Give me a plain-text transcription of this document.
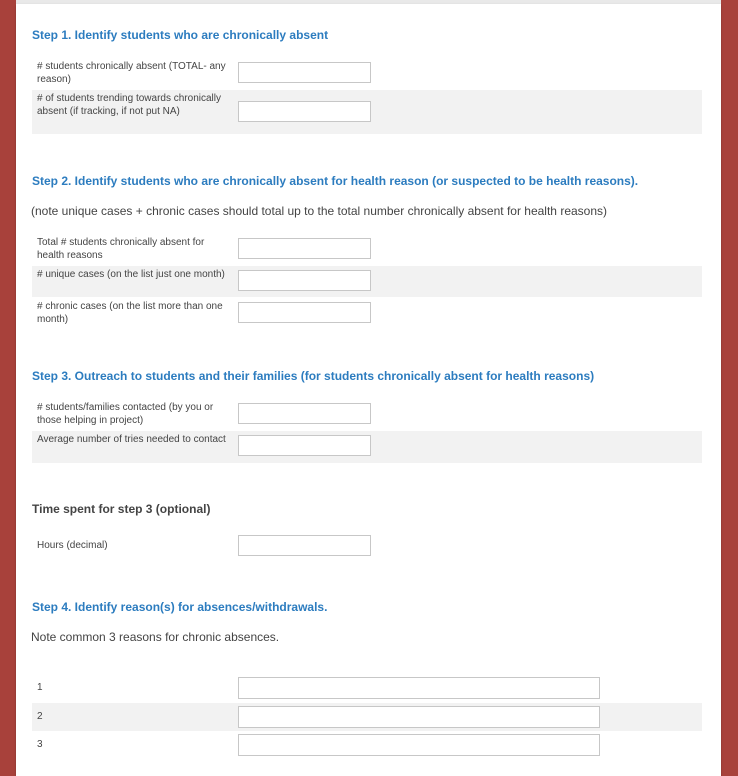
Step 1. Identify students who are chronically absent
# students chronically absent (TOTAL- any reason)
# of students trending towards chronically absent (if tracking, if not put NA)
Step 2. Identify students who are chronically absent for health reason (or suspected to be health reasons).
(note unique cases + chronic cases should total up to the total number chronically absent for health reasons)
Total # students chronically absent for health reasons
# unique cases (on the list just one month)
# chronic cases (on the list more than one month)
Step 3. Outreach to students and their families (for students chronically absent for health reasons)
# students/families contacted (by you or those helping in project)
Average number of tries needed to contact
Time spent for step 3 (optional)
Hours (decimal)
Step 4. Identify reason(s) for absences/withdrawals.
Note common 3 reasons for chronic absences.
1
2
3
